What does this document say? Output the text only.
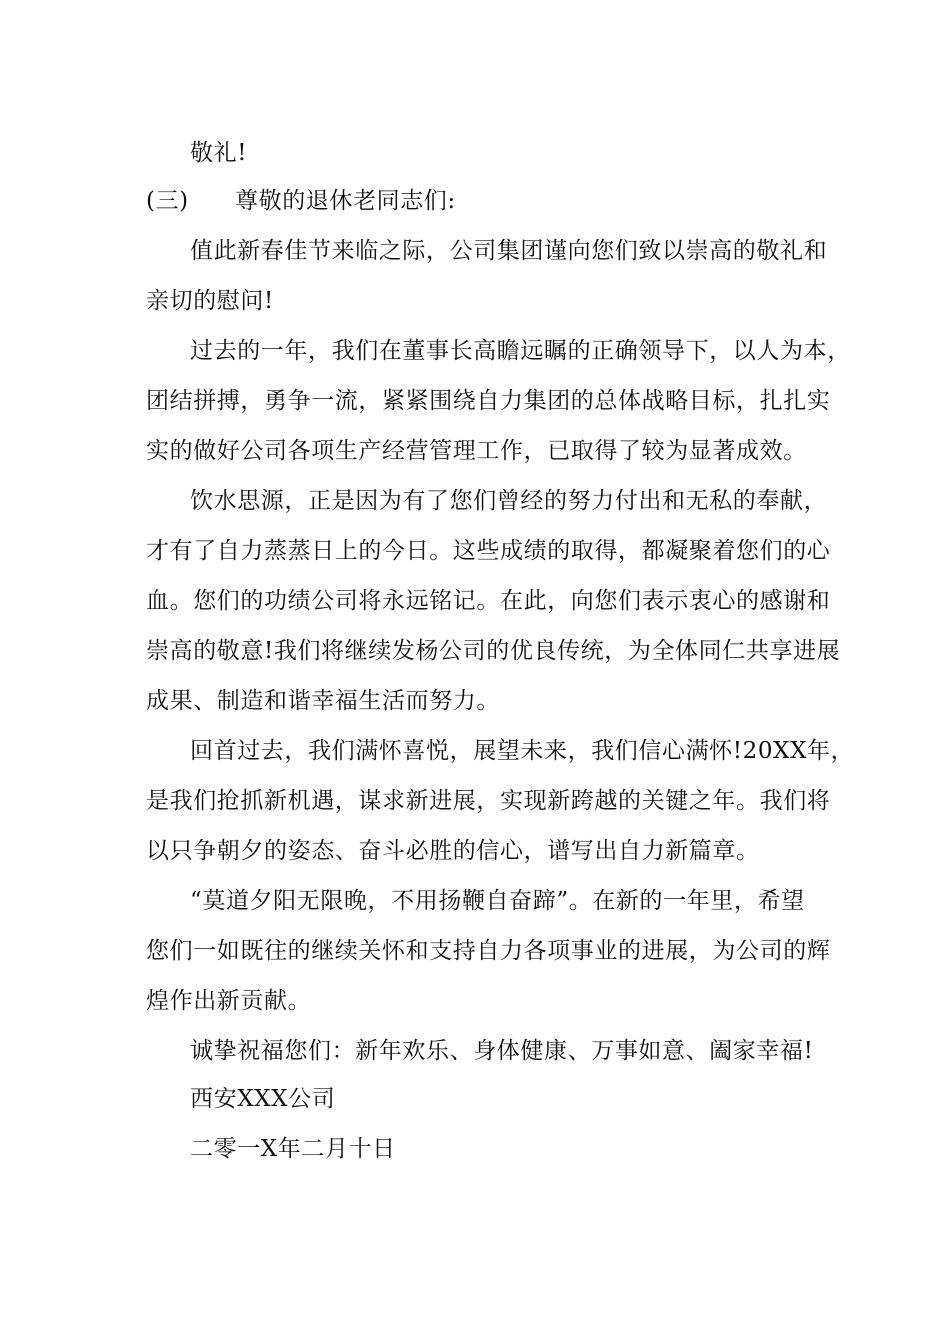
敬礼!
(三) 尊敬的退休老同志们:
值此新春佳节来临之际，公司集团谨向您们致以崇高的敬礼和
亲切的慰问!
过去的一年，我们在董事长高瞻远瞩的正确领导下，以人为本，
团结拼搏，勇争一流，紧紧围绕自力集团的总体战略目标，扎扎实
实的做好公司各项生产经营管理工作，已取得了较为显著成效。
饮水思源，正是因为有了您们曾经的努力付出和无私的奉献，
才有了自力蒸蒸日上的今日。这些成绩的取得，都凝聚着您们的心
血。您们的功绩公司将永远铭记。在此，向您们表示衷心的感谢和
崇高的敬意!我们将继续发杨公司的优良传统，为全体同仁共享进展
成果、制造和谐幸福生活而努力。
回首过去，我们满怀喜悦，展望未来，我们信心满怀!20XX年，
是我们抢抓新机遇，谋求新进展，实现新跨越的关键之年。我们将
以只争朝夕的姿态、奋斗必胜的信心，谱写出自力新篇章。
“莫道夕阳无限晚，不用扬鞭自奋蹄”。在新的一年里，希望
您们一如既往的继续关怀和支持自力各项事业的进展，为公司的辉
煌作出新贡献。
诚挚祝福您们：新年欢乐、身体健康、万事如意、阖家幸福!
西安XXX公司
二零一X年二月十日
